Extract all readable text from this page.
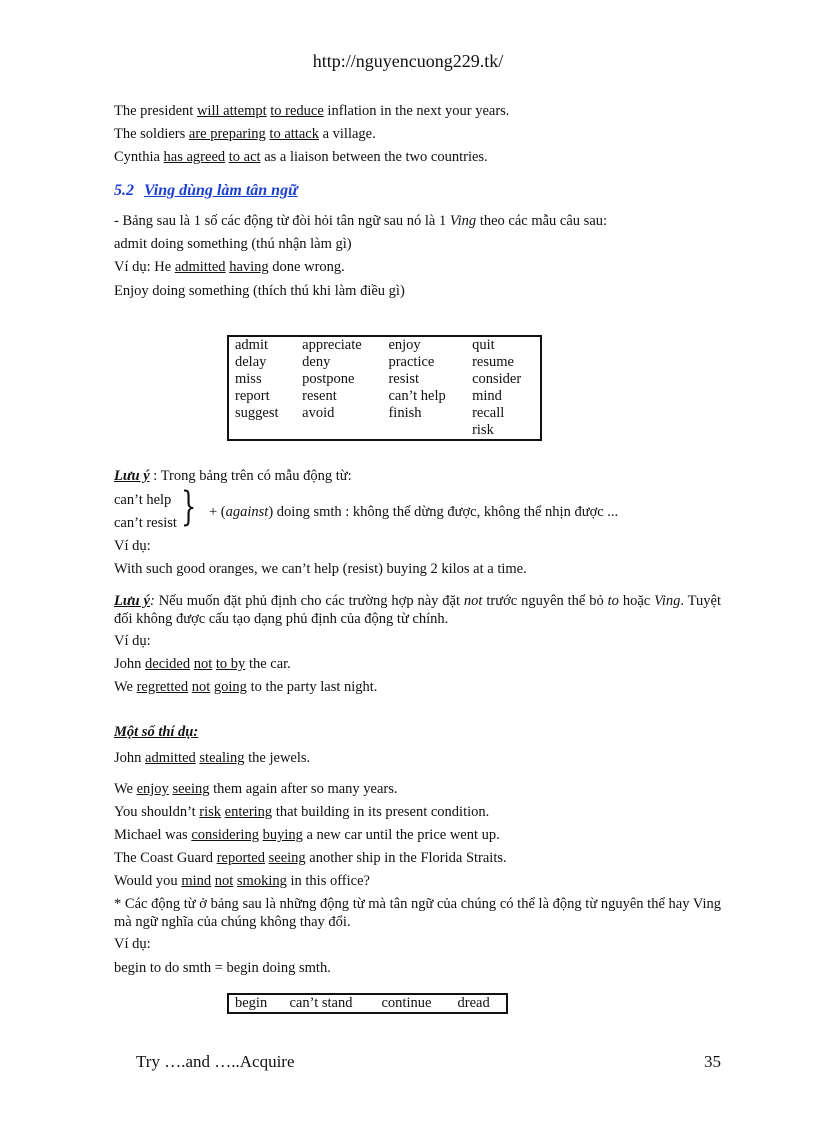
http://nguyencuong229.tk/
The president will attempt to reduce inflation in the next your years.
The soldiers are preparing to attack a village.
Cynthia has agreed to act as a liaison between the two countries.
5.2 Ving dùng làm tân ngữ
- Bảng sau là 1 số các động từ đòi hỏi tân ngữ sau nó là 1 Ving theo các mẫu câu sau:
admit doing something (thú nhận làm gì)
Ví dụ: He admitted having done wrong.
Enjoy doing something (thích thú khi làm điều gì)
admit	appreciate	enjoy	quit
delay	deny	practice	resume
miss	postpone	resist	consider
report	resent	can’t help	mind
suggest	avoid	finish	recall
			risk
Lưu ý : Trong bảng trên có mẫu động từ:
can’t help
can’t resist } + (against) doing smth : không thể dừng được, không thể nhịn được ...
Ví dụ:
With such good oranges, we can’t help (resist) buying 2 kilos at a time.
Lưu ý: Nếu muốn đặt phủ định cho các trường hợp này đặt not trước nguyên thể bỏ to hoặc Ving. Tuyệt đối không được cấu tạo dạng phủ định của động từ chính.
Ví dụ:
John decided not to by the car.
We regretted not going to the party last night.
Một số thí dụ:
John admitted stealing the jewels.
We enjoy seeing them again after so many years.
You shouldn’t risk entering that building in its present condition.
Michael was considering buying a new car until the price went up.
The Coast Guard reported seeing another ship in the Florida Straits.
Would you mind not smoking in this office?
* Các động từ ở bảng sau là những động từ mà tân ngữ của chúng có thể là động từ nguyên thể hay Ving mà ngữ nghĩa của chúng không thay đổi.
Ví dụ:
begin to do smth = begin doing smth.
begin	can’t stand	continue	dread
Try ….and …..Acquire	35
